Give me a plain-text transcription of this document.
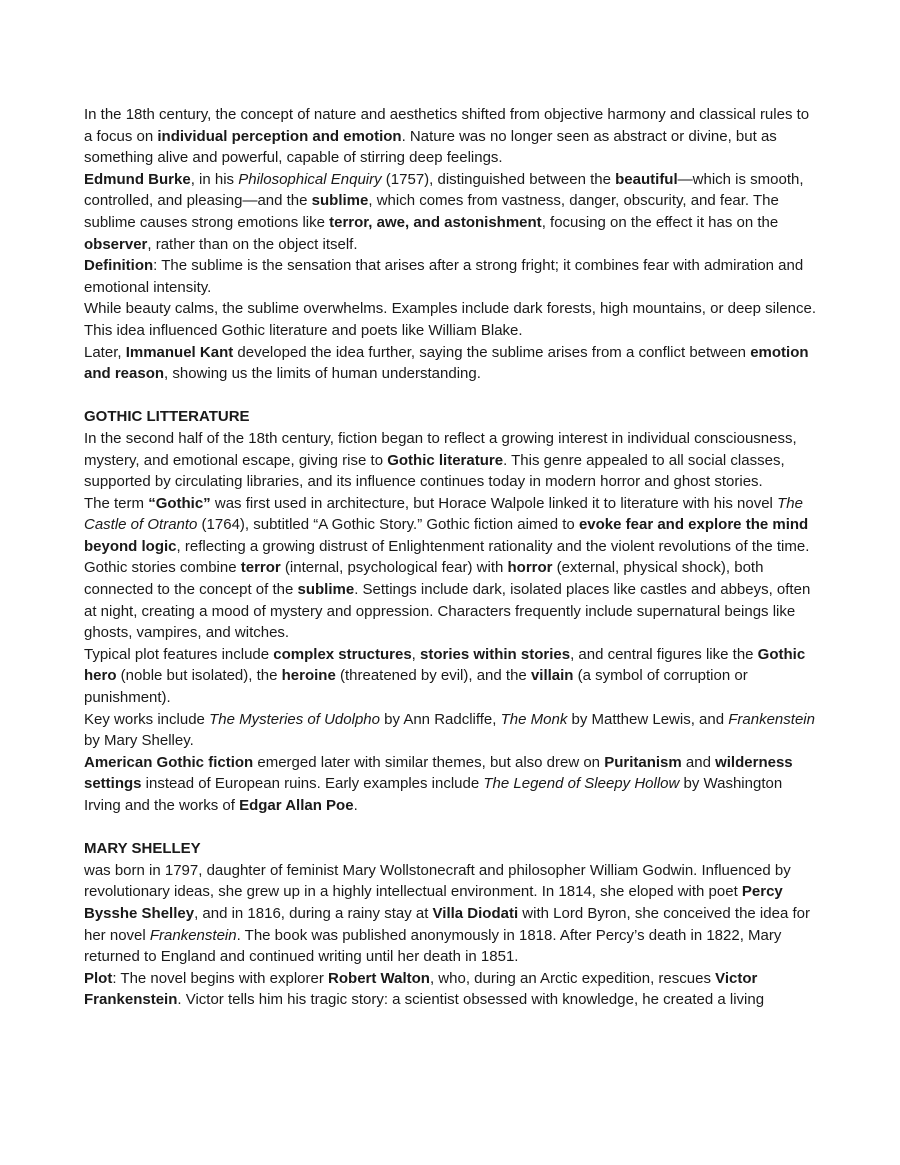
In the 18th century, the concept of nature and aesthetics shifted from objective harmony and classical rules to a focus on individual perception and emotion. Nature was no longer seen as abstract or divine, but as something alive and powerful, capable of stirring deep feelings.

Edmund Burke, in his Philosophical Enquiry (1757), distinguished between the beautiful—which is smooth, controlled, and pleasing—and the sublime, which comes from vastness, danger, obscurity, and fear. The sublime causes strong emotions like terror, awe, and astonishment, focusing on the effect it has on the observer, rather than on the object itself.

Definition: The sublime is the sensation that arises after a strong fright; it combines fear with admiration and emotional intensity.

While beauty calms, the sublime overwhelms. Examples include dark forests, high mountains, or deep silence. This idea influenced Gothic literature and poets like William Blake.

Later, Immanuel Kant developed the idea further, saying the sublime arises from a conflict between emotion and reason, showing us the limits of human understanding.

GOTHIC LITTERATURE

In the second half of the 18th century, fiction began to reflect a growing interest in individual consciousness, mystery, and emotional escape, giving rise to Gothic literature. This genre appealed to all social classes, supported by circulating libraries, and its influence continues today in modern horror and ghost stories.

The term “Gothic” was first used in architecture, but Horace Walpole linked it to literature with his novel The Castle of Otranto (1764), subtitled “A Gothic Story.” Gothic fiction aimed to evoke fear and explore the mind beyond logic, reflecting a growing distrust of Enlightenment rationality and the violent revolutions of the time.

Gothic stories combine terror (internal, psychological fear) with horror (external, physical shock), both connected to the concept of the sublime. Settings include dark, isolated places like castles and abbeys, often at night, creating a mood of mystery and oppression. Characters frequently include supernatural beings like ghosts, vampires, and witches.

Typical plot features include complex structures, stories within stories, and central figures like the Gothic hero (noble but isolated), the heroine (threatened by evil), and the villain (a symbol of corruption or punishment).

Key works include The Mysteries of Udolpho by Ann Radcliffe, The Monk by Matthew Lewis, and Frankenstein by Mary Shelley.

American Gothic fiction emerged later with similar themes, but also drew on Puritanism and wilderness settings instead of European ruins. Early examples include The Legend of Sleepy Hollow by Washington Irving and the works of Edgar Allan Poe.

MARY SHELLEY

was born in 1797, daughter of feminist Mary Wollstonecraft and philosopher William Godwin. Influenced by revolutionary ideas, she grew up in a highly intellectual environment. In 1814, she eloped with poet Percy Bysshe Shelley, and in 1816, during a rainy stay at Villa Diodati with Lord Byron, she conceived the idea for her novel Frankenstein. The book was published anonymously in 1818. After Percy’s death in 1822, Mary returned to England and continued writing until her death in 1851.

Plot: The novel begins with explorer Robert Walton, who, during an Arctic expedition, rescues Victor Frankenstein. Victor tells him his tragic story: a scientist obsessed with knowledge, he created a living
